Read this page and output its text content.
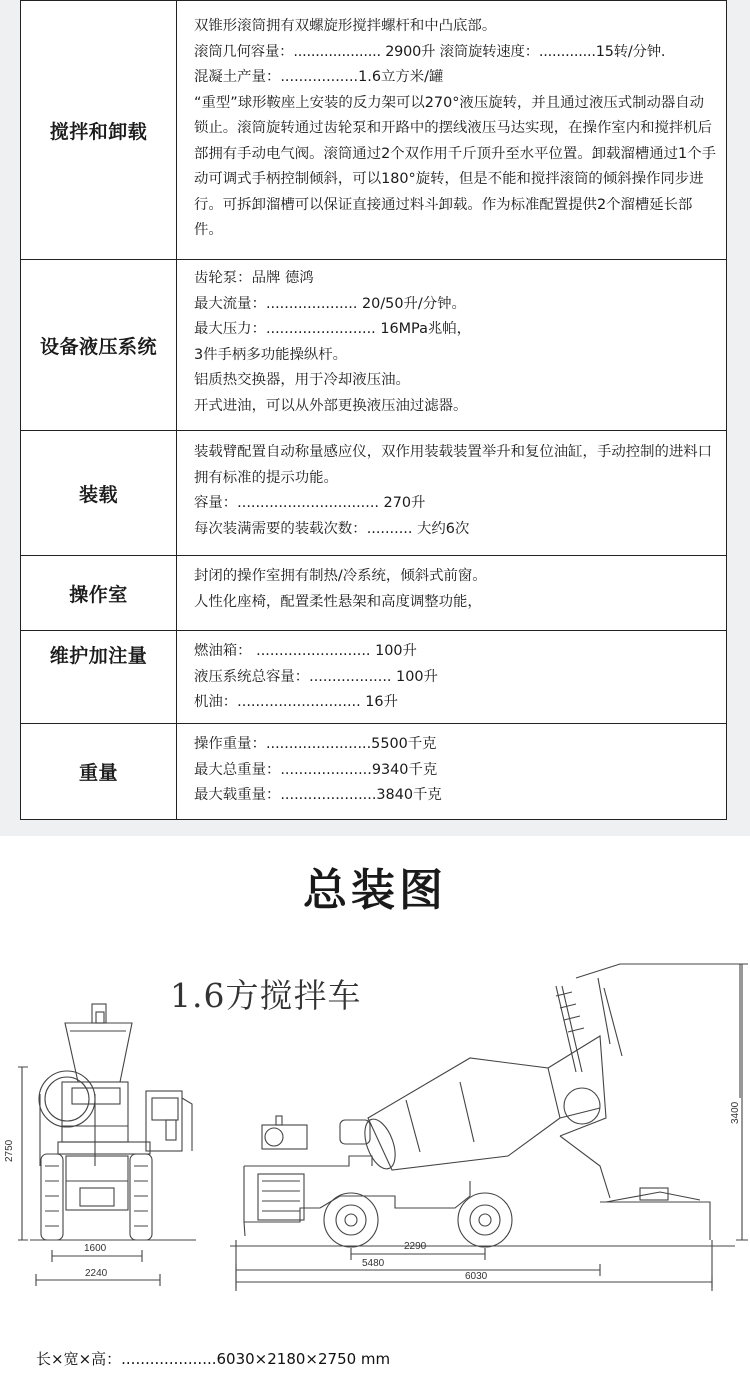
搅拌和卸载

双锥形滚筒拥有双螺旋形搅拌螺杆和中凸底部。

滚筒几何容量：.................... 2900升 滚筒旋转速度：.............15转/分钟.

混凝土产量：.................1.6立方米/罐

“重型”球形鞍座上安装的反力架可以270°液压旋转，并且通过液压式制动器自动锁止。滚筒旋转通过齿轮泵和开路中的摆线液压马达实现，在操作室内和搅拌机后部拥有手动电气阀。滚筒通过2个双作用千斤顶升至水平位置。卸载溜槽通过1个手动可调式手柄控制倾斜，可以180°旋转，但是不能和搅拌滚筒的倾斜操作同步进行。可拆卸溜槽可以保证直接通过料斗卸载。作为标准配置提供2个溜槽延长部件。

设备液压系统

齿轮泵：品牌 德鸿

最大流量：.................... 20/50升/分钟。

最大压力：........................ 16MPa兆帕，

3件手柄多功能操纵杆。

铝质热交换器，用于冷却液压油。

开式进油，可以从外部更换液压油过滤器。

装载

装载臂配置自动称量感应仪，双作用装载装置举升和复位油缸，手动控制的进料口拥有标准的提示功能。

容量：............................... 270升

每次装满需要的装载次数：.......... 大约6次

操作室

封闭的操作室拥有制热/冷系统，倾斜式前窗。

人性化座椅，配置柔性悬架和高度调整功能，

维护加注量	燃油箱： ......................... 100升

液压系统总容量：.................. 100升

机油：........................... 16升

重量

操作重量：.......................5500千克

最大总重量：....................9340千克

最大载重量：.....................3840千克

总装图
1.6方搅拌车
2750
1600
2240
3400
2290
5480
6030
长×宽×高：....................6030×2180×2750 mm
